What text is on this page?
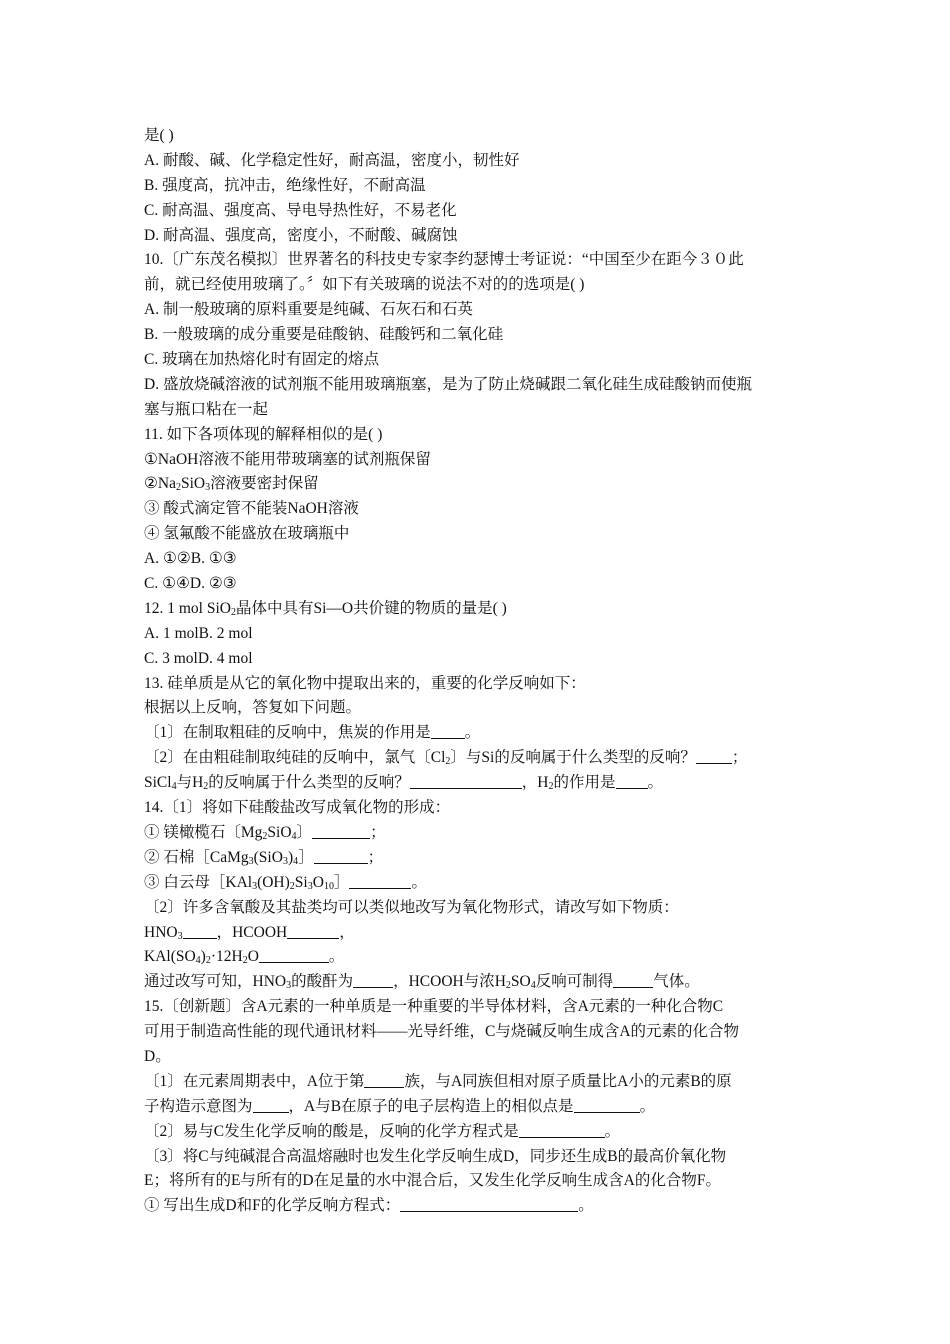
是( )
A. 耐酸、碱、化学稳定性好，耐高温，密度小，韧性好
B. 强度高，抗冲击，绝缘性好，不耐高温
C. 耐高温、强度高、导电导热性好，不易老化
D. 耐高温、强度高，密度小，不耐酸、碱腐蚀
10.〔广东茂名模拟〕世界著名的科技史专家李约瑟博士考证说：“中国至少在距今３０此
前，就已经使用玻璃了。〞如下有关玻璃的说法不对的的选项是( )
A. 制一般玻璃的原料重要是纯碱、石灰石和石英
B. 一般玻璃的成分重要是硅酸钠、硅酸钙和二氧化硅
C. 玻璃在加热熔化时有固定的熔点
D. 盛放烧碱溶液的试剂瓶不能用玻璃瓶塞，是为了防止烧碱跟二氧化硅生成硅酸钠而使瓶
塞与瓶口粘在一起
11. 如下各项体现的解释相似的是( )
①NaOH溶液不能用带玻璃塞的试剂瓶保留
$②Na_2SiO_3$溶液要密封保留
③ 酸式滴定管不能装NaOH溶液
④ 氢氟酸不能盛放在玻璃瓶中
A. ①②B. ①③
C. ①④D. ②③
12. 1 mol SiO$_2$晶体中具有Si—O共价键的物质的量是( )
A. 1 molB. 2 mol
C. 3 molD. 4 mol
13. 硅单质是从它的氧化物中提取出来的，重要的化学反响如下：
根据以上反响，答复如下问题。
〔1〕在制取粗硅的反响中，焦炭的作用是 。
〔2〕在由粗硅制取纯硅的反响中，氯气〔$Cl_2$〕与Si的反响属于什么类型的反响？ ；
SiCl$_4$与$H_2$的反响属于什么类型的反响？	，$H_2$的作用是 。
14.〔1〕将如下硅酸盐改写成氧化物的形成：
① 镁橄榄石〔$Mg_2SiO_4$〕	；
② 石棉$[CaMg_3(SiO_3)_4]$	；
③ 白云母$[KAl_3(OH)_2Si_3O_{10}]$	。
〔2〕许多含氧酸及其盐类均可以类似地改写为氧化物形式，请改写如下物质：
$HNO_3$ ，HCOOH	，
$KAl(SO_4)_2\cdot 12H_2O$	。
通过改写可知，$HNO_3$的酸酐为	，HCOOH与浓$H_2SO_4$反响可制得	气体。
15.〔创新题〕含A元素的一种单质是一种重要的半导体材料，含A元素的一种化合物C
可用于制造高性能的现代通讯材料——光导纤维，C与烧碱反响生成含A的元素的化合物
D。
〔1〕在元素周期表中，A位于第	族，与A同族但相对原子质量比A小的元素B的原
子构造示意图为 ，A与B在原子的电子层构造上的相似点是	。
〔2〕易与C发生化学反响的酸是，反响的化学方程式是	。
〔3〕将C与纯碱混合高温熔融时也发生化学反响生成D，同步还生成B的最高价氧化物
E；将所有的E与所有的D在足量的水中混合后，又发生化学反响生成含A的化合物F。
① 写出生成D和F的化学反响方程式：	。
